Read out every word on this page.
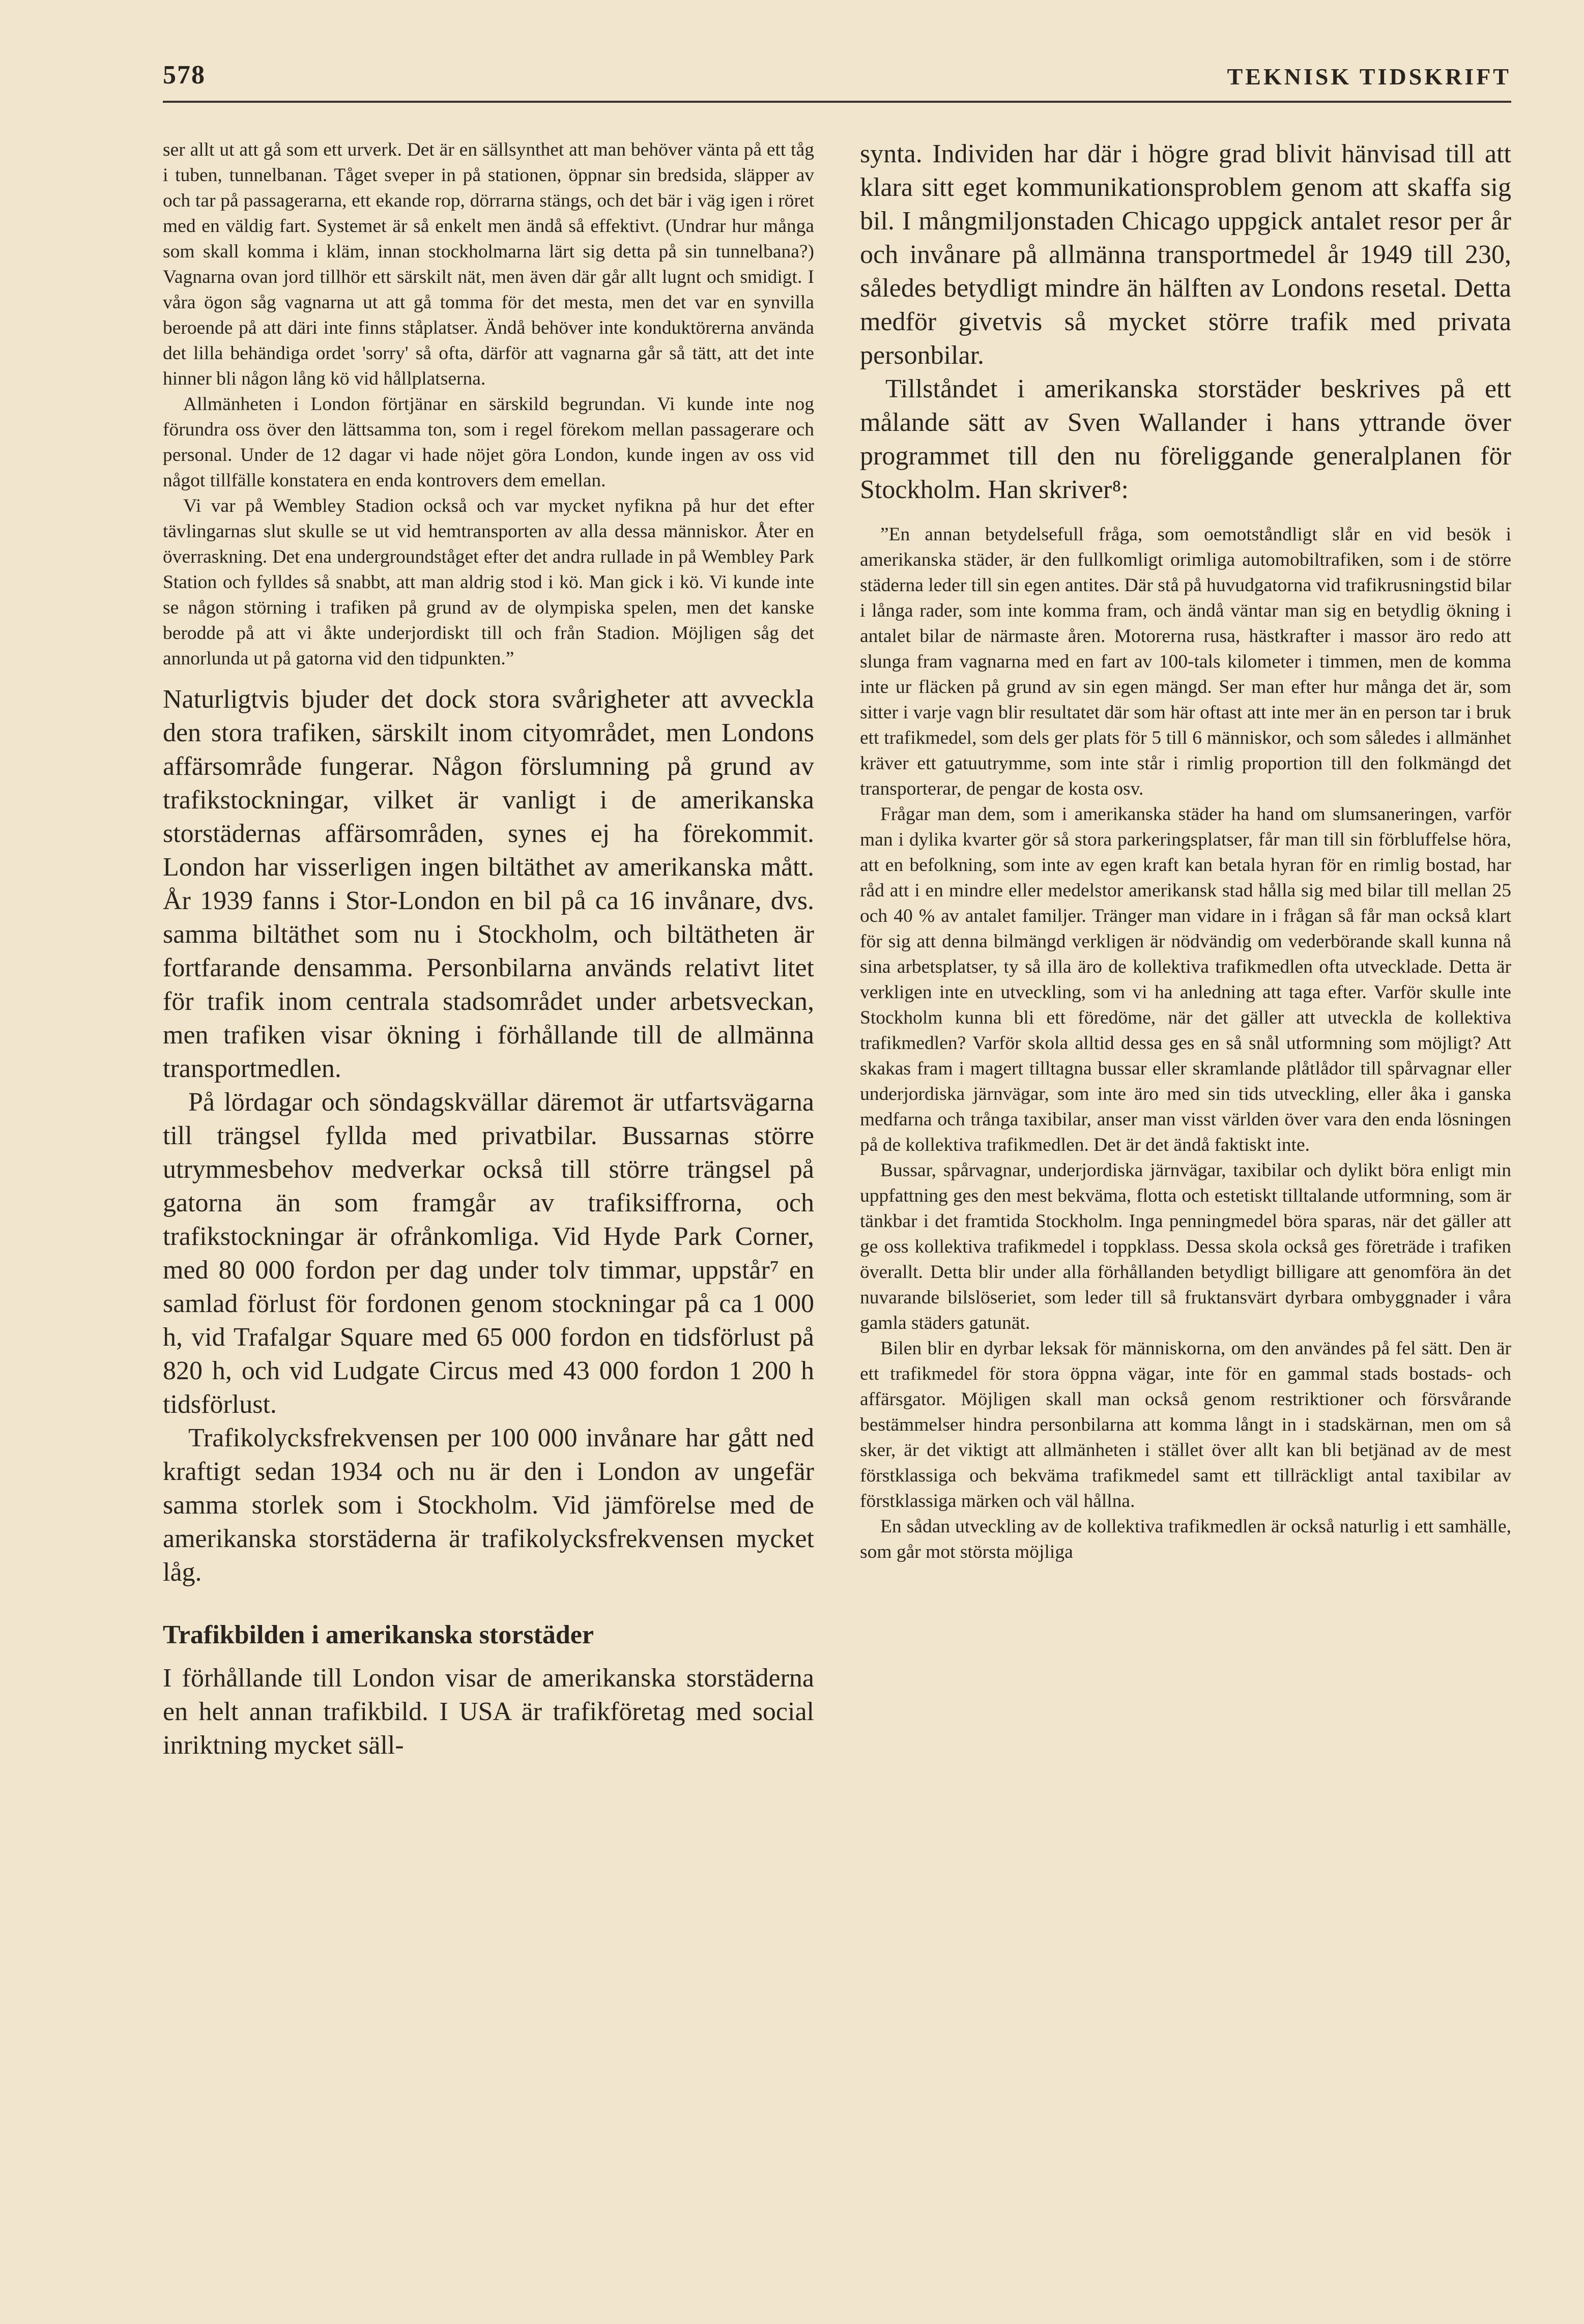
578	TEKNISK TIDSKRIFT

ser allt ut att gå som ett urverk. Det är en sällsynthet att man behöver vänta på ett tåg i tuben, tunnelbanan. Tåget sveper in på stationen, öppnar sin bredsida, släpper av och tar på passagerarna, ett ekande rop, dörrarna stängs, och det bär i väg igen i röret med en väldig fart. Systemet är så enkelt men ändå så effektivt. (Undrar hur många som skall komma i kläm, innan stockholmarna lärt sig detta på sin tunnelbana?) Vagnarna ovan jord tillhör ett särskilt nät, men även där går allt lugnt och smidigt. I våra ögon såg vagnarna ut att gå tomma för det mesta, men det var en synvilla beroende på att däri inte finns ståplatser. Ändå behöver inte konduktörerna använda det lilla behändiga ordet 'sorry' så ofta, därför att vagnarna går så tätt, att det inte hinner bli någon lång kö vid hållplatserna.

Allmänheten i London förtjänar en särskild begrundan. Vi kunde inte nog förundra oss över den lättsamma ton, som i regel förekom mellan passagerare och personal. Under de 12 dagar vi hade nöjet göra London, kunde ingen av oss vid något tillfälle konstatera en enda kontrovers dem emellan.

Vi var på Wembley Stadion också och var mycket nyfikna på hur det efter tävlingarnas slut skulle se ut vid hemtransporten av alla dessa människor. Åter en överraskning. Det ena undergroundståget efter det andra rullade in på Wembley Park Station och fylldes så snabbt, att man aldrig stod i kö. Man gick i kö. Vi kunde inte se någon störning i trafiken på grund av de olympiska spelen, men det kanske berodde på att vi åkte underjordiskt till och från Stadion. Möjligen såg det annorlunda ut på gatorna vid den tidpunkten.”

Naturligtvis bjuder det dock stora svårigheter att avveckla den stora trafiken, särskilt inom cityområdet, men Londons affärsområde fungerar. Någon förslumning på grund av trafikstockningar, vilket är vanligt i de amerikanska storstädernas affärsområden, synes ej ha förekommit. London har visserligen ingen biltäthet av amerikanska mått. År 1939 fanns i Stor-London en bil på ca 16 invånare, dvs. samma biltäthet som nu i Stockholm, och biltätheten är fortfarande densamma. Personbilarna används relativt litet för trafik inom centrala stadsområdet under arbetsveckan, men trafiken visar ökning i förhållande till de allmänna transportmedlen.

På lördagar och söndagskvällar däremot är utfartsvägarna till trängsel fyllda med privatbilar. Bussarnas större utrymmesbehov medverkar också till större trängsel på gatorna än som framgår av trafiksiffrorna, och trafikstockningar är ofrånkomliga. Vid Hyde Park Corner, med 80 000 fordon per dag under tolv timmar, uppstår⁷ en samlad förlust för fordonen genom stockningar på ca 1 000 h, vid Trafalgar Square med 65 000 fordon en tidsförlust på 820 h, och vid Ludgate Circus med 43 000 fordon 1 200 h tidsförlust.

Trafikolycksfrekvensen per 100 000 invånare har gått ned kraftigt sedan 1934 och nu är den i London av ungefär samma storlek som i Stockholm. Vid jämförelse med de amerikanska storstäderna är trafikolycksfrekvensen mycket låg.

Trafikbilden i amerikanska storstäder

I förhållande till London visar de amerikanska storstäderna en helt annan trafikbild. I USA är trafikföretag med social inriktning mycket säll-

synta. Individen har där i högre grad blivit hänvisad till att klara sitt eget kommunikationsproblem genom att skaffa sig bil. I mångmiljonstaden Chicago uppgick antalet resor per år och invånare på allmänna transportmedel år 1949 till 230, således betydligt mindre än hälften av Londons resetal. Detta medför givetvis så mycket större trafik med privata personbilar.

Tillståndet i amerikanska storstäder beskrives på ett målande sätt av Sven Wallander i hans yttrande över programmet till den nu föreliggande generalplanen för Stockholm. Han skriver⁸:

”En annan betydelsefull fråga, som oemotståndligt slår en vid besök i amerikanska städer, är den fullkomligt orimliga automobiltrafiken, som i de större städerna leder till sin egen antites. Där stå på huvudgatorna vid trafikrusningstid bilar i långa rader, som inte komma fram, och ändå väntar man sig en betydlig ökning i antalet bilar de närmaste åren. Motorerna rusa, hästkrafter i massor äro redo att slunga fram vagnarna med en fart av 100-tals kilometer i timmen, men de komma inte ur fläcken på grund av sin egen mängd. Ser man efter hur många det är, som sitter i varje vagn blir resultatet där som här oftast att inte mer än en person tar i bruk ett trafikmedel, som dels ger plats för 5 till 6 människor, och som således i allmänhet kräver ett gatuutrymme, som inte står i rimlig proportion till den folkmängd det transporterar, de pengar de kosta osv.

Frågar man dem, som i amerikanska städer ha hand om slumsaneringen, varför man i dylika kvarter gör så stora parkeringsplatser, får man till sin förbluffelse höra, att en befolkning, som inte av egen kraft kan betala hyran för en rimlig bostad, har råd att i en mindre eller medelstor amerikansk stad hålla sig med bilar till mellan 25 och 40 % av antalet familjer. Tränger man vidare in i frågan så får man också klart för sig att denna bilmängd verkligen är nödvändig om vederbörande skall kunna nå sina arbetsplatser, ty så illa äro de kollektiva trafikmedlen ofta utvecklade. Detta är verkligen inte en utveckling, som vi ha anledning att taga efter. Varför skulle inte Stockholm kunna bli ett föredöme, när det gäller att utveckla de kollektiva trafikmedlen? Varför skola alltid dessa ges en så snål utformning som möjligt? Att skakas fram i magert tilltagna bussar eller skramlande plåtlådor till spårvagnar eller underjordiska järnvägar, som inte äro med sin tids utveckling, eller åka i ganska medfarna och trånga taxibilar, anser man visst världen över vara den enda lösningen på de kollektiva trafikmedlen. Det är det ändå faktiskt inte.

Bussar, spårvagnar, underjordiska järnvägar, taxibilar och dylikt böra enligt min uppfattning ges den mest bekväma, flotta och estetiskt tilltalande utformning, som är tänkbar i det framtida Stockholm. Inga penningmedel böra sparas, när det gäller att ge oss kollektiva trafikmedel i toppklass. Dessa skola också ges företräde i trafiken överallt. Detta blir under alla förhållanden betydligt billigare att genomföra än det nuvarande bilslöseriet, som leder till så fruktansvärt dyrbara ombyggnader i våra gamla städers gatunät.

Bilen blir en dyrbar leksak för människorna, om den användes på fel sätt. Den är ett trafikmedel för stora öppna vägar, inte för en gammal stads bostads- och affärsgator. Möjligen skall man också genom restriktioner och försvårande bestämmelser hindra personbilarna att komma långt in i stadskärnan, men om så sker, är det viktigt att allmänheten i stället över allt kan bli betjänad av de mest förstklassiga och bekväma trafikmedel samt ett tillräckligt antal taxibilar av förstklassiga märken och väl hållna.

En sådan utveckling av de kollektiva trafikmedlen är också naturlig i ett samhälle, som går mot största möjliga
